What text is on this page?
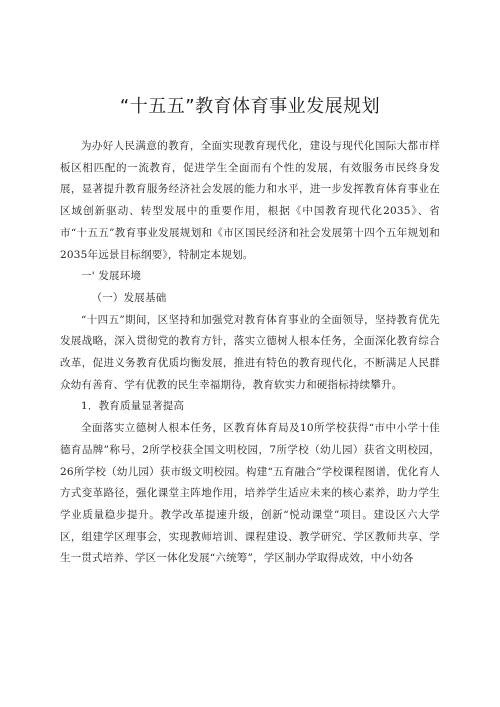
“十五五”教育体育事业发展规划

为办好人民满意的教育，全面实现教育现代化，建设与现代化国际大都市样板区相匹配的一流教育，促进学生全面而有个性的发展，有效服务市民终身发展，显著提升教育服务经济社会发展的能力和水平，进一步发挥教育体育事业在区域创新驱动、转型发展中的重要作用，根据《中国教育现代化2035》、省市“十五五”教育事业发展规划和《市区国民经济和社会发展第十四个五年规划和2035年远景目标纲要》，特制定本规划。

一' 发展环境

（一）发展基础

“十四五”期间，区坚持和加强党对教育体育事业的全面领导，坚持教育优先发展战略，深入贯彻党的教育方针，落实立德树人根本任务，全面深化教育综合改革，促进义务教育优质均衡发展，推进有特色的教育现代化，不断满足人民群众幼有善育、学有优教的民生幸福期待，教育软实力和硬指标持续攀升。

1．教育质量显著提高

全面落实立德树人根本任务，区教育体育局及10所学校获得“市中小学十佳德育品牌”称号，2所学校获全国文明校园，7所学校（幼儿园）获省文明校园，26所学校（幼儿园）获市级文明校园。构建“五育融合”学校课程图谱，优化育人方式变革路径，强化课堂主阵地作用，培养学生适应未来的核心素养，助力学生学业质量稳步提升。教学改革提速升级，创新“悦动课堂”项目。建设区六大学区，组建学区理事会，实现教师培训、课程建设、教学研究、学区教师共享、学生一贯式培养、学区一体化发展“六统筹”，学区制办学取得成效，中小幼各
